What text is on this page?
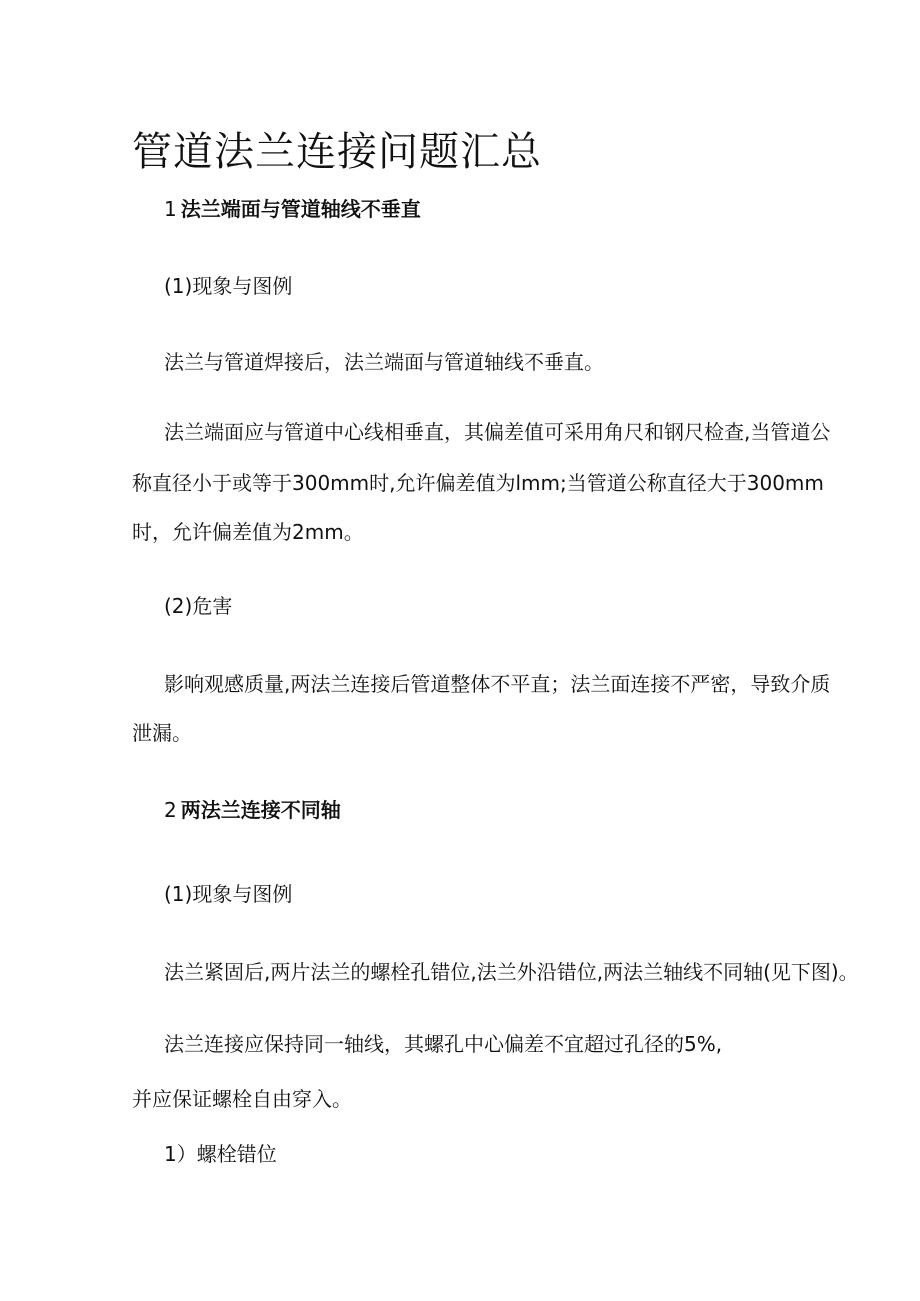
管道法兰连接问题汇总
1 法兰端面与管道轴线不垂直
(1)现象与图例
法兰与管道焊接后，法兰端面与管道轴线不垂直。
法兰端面应与管道中心线相垂直，其偏差值可采用角尺和钢尺检查,当管道公
称直径小于或等于300mm时,允许偏差值为lmm;当管道公称直径大于300mm
时，允许偏差值为2mm。
(2)危害
影响观感质量,两法兰连接后管道整体不平直；法兰面连接不严密，导致介质
泄漏。
2 两法兰连接不同轴
(1)现象与图例
法兰紧固后,两片法兰的螺栓孔错位,法兰外沿错位,两法兰轴线不同轴(见下图)。
法兰连接应保持同一轴线，其螺孔中心偏差不宜超过孔径的5%,
并应保证螺栓自由穿入。
1）螺栓错位
